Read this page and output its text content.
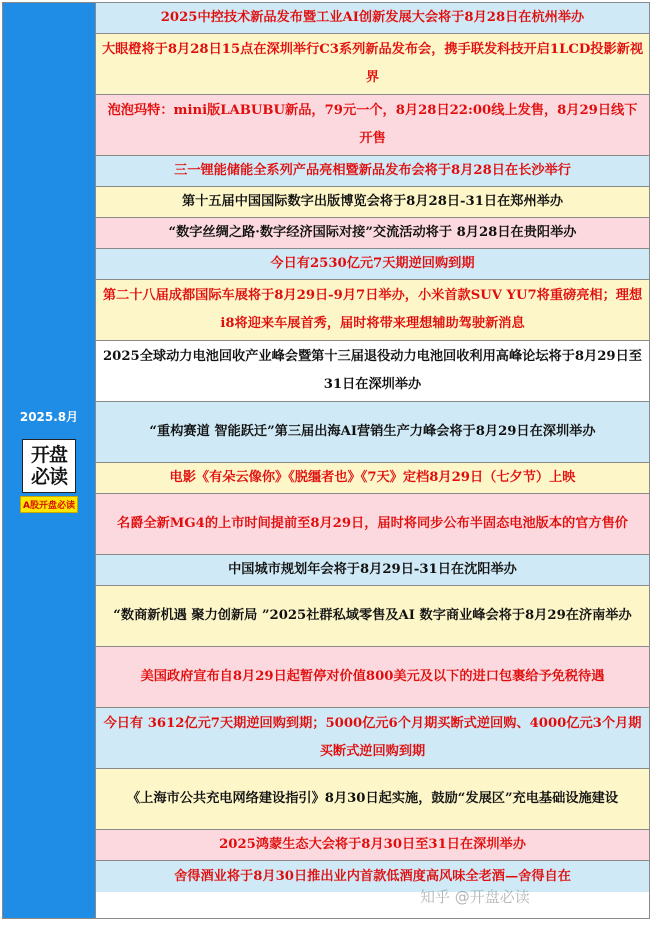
2025.8月
开盘
必读
A股开盘必读
2025中控技术新品发布暨工业AI创新发展大会将于8月28日在杭州举办
大眼橙将于8月28日15点在深圳举行C3系列新品发布会，携手联发科技开启1LCD投影新视界
泡泡玛特：mini版LABUBU新品，79元一个，8月28日22:00线上发售，8月29日线下开售
三一锂能储能全系列产品亮相暨新品发布会将于8月28日在长沙举行
第十五届中国国际数字出版博览会将于8月28日-31日在郑州举办
“数字丝绸之路·数字经济国际对接”交流活动将于 8月28日在贵阳举办
今日有2530亿元7天期逆回购到期
第二十八届成都国际车展将于8月29日-9月7日举办，小米首款SUV YU7将重磅亮相；理想 i8将迎来车展首秀，届时将带来理想辅助驾驶新消息
2025全球动力电池回收产业峰会暨第十三届退役动力电池回收利用高峰论坛将于8月29日至31日在深圳举办
“重构赛道 智能跃迁”第三届出海AI营销生产力峰会将于8月29日在深圳举办
电影《有朵云像你》《脱缰者也》《7天》定档8月29日（七夕节）上映
名爵全新MG4的上市时间提前至8月29日，届时将同步公布半固态电池版本的官方售价
中国城市规划年会将于8月29日-31日在沈阳举办
“数商新机遇 聚力创新局 ”2025社群私域零售及AI 数字商业峰会将于8月29在济南举办
美国政府宣布自8月29日起暂停对价值800美元及以下的进口包裹给予免税待遇
今日有 3612亿元7天期逆回购到期；5000亿元6个月期买断式逆回购、4000亿元3个月期买断式逆回购到期
《上海市公共充电网络建设指引》8月30日起实施，鼓励“发展区”充电基础设施建设
2025鸿蒙生态大会将于8月30日至31日在深圳举办
舍得酒业将于8月30日推出业内首款低酒度高风味全老酒—舍得自在
知乎 @开盘必读
